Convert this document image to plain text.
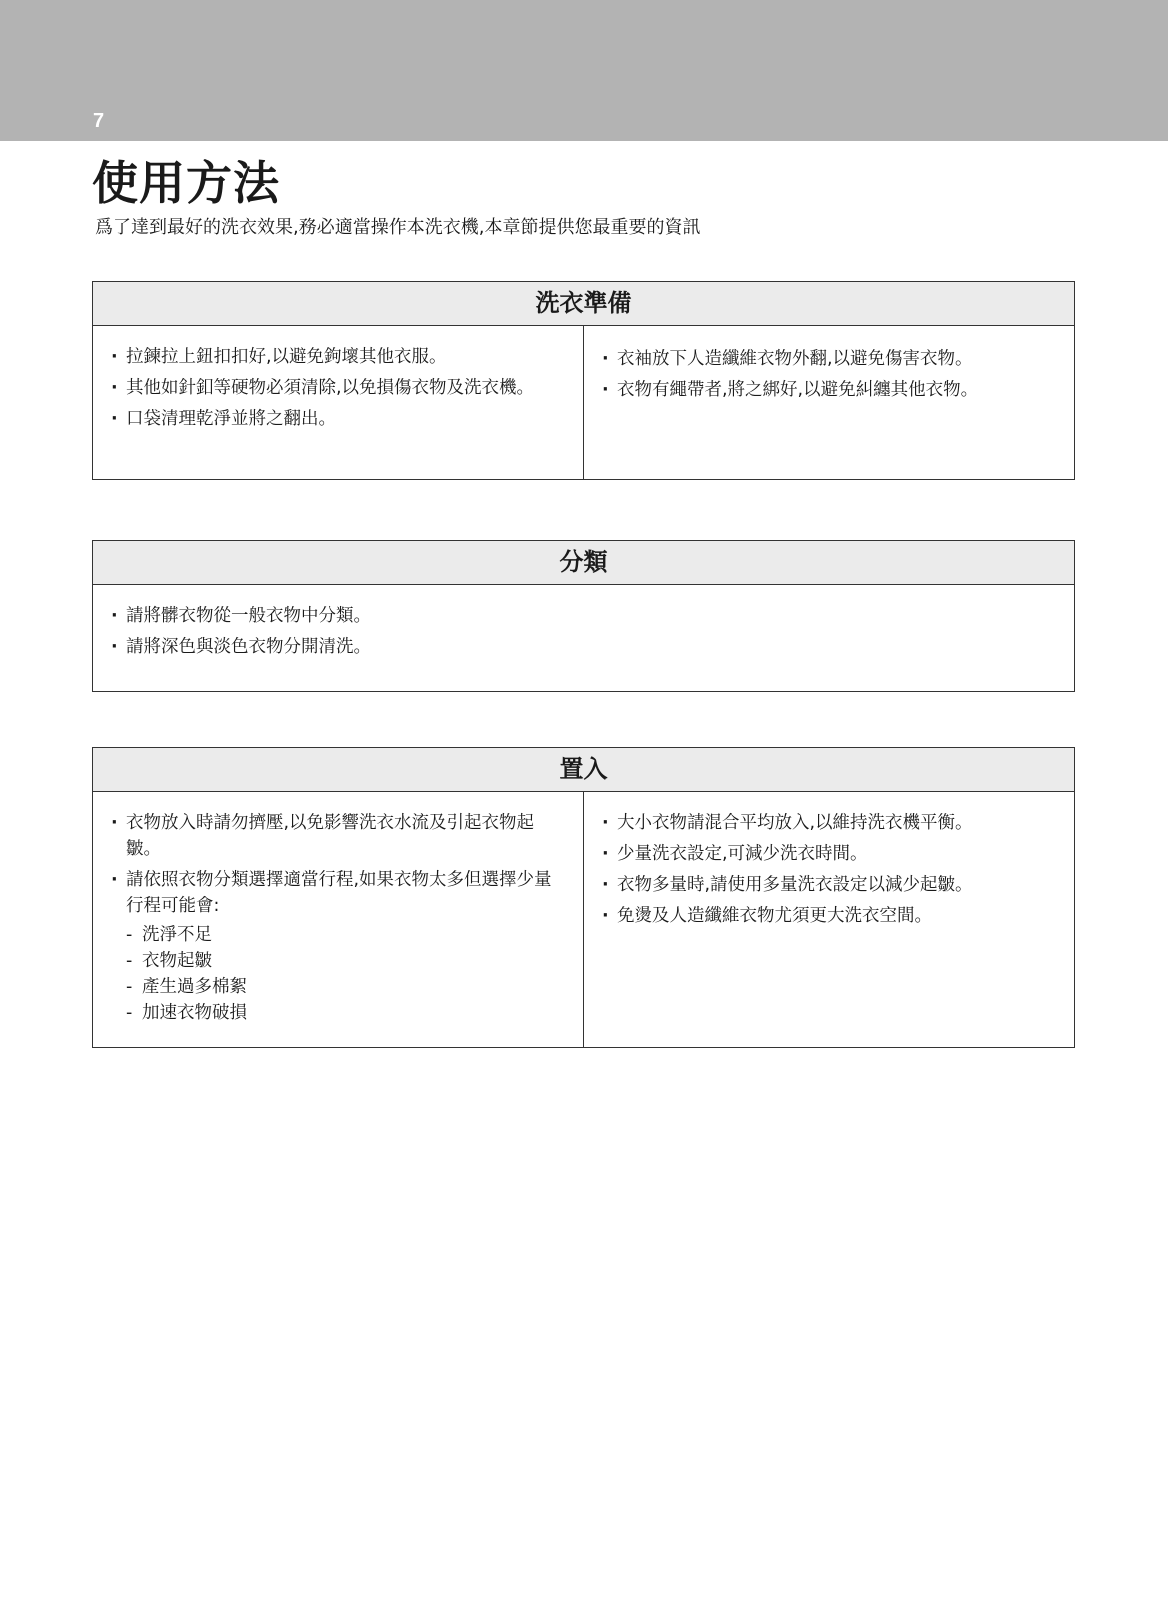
7
使用方法

爲了達到最好的洗衣效果,務必適當操作本洗衣機,本章節提供您最重要的資訊

洗衣準備
· 拉鍊拉上鈕扣扣好,以避免鉤壞其他衣服。
· 其他如針釦等硬物必須清除,以免損傷衣物及洗衣機。
· 口袋清理乾淨並將之翻出。
· 衣袖放下人造纖維衣物外翻,以避免傷害衣物。
· 衣物有繩帶者,將之綁好,以避免糾纏其他衣物。
分類
· 請將髒衣物從一般衣物中分類。
· 請將深色與淡色衣物分開清洗。
置入
· 衣物放入時請勿擠壓,以免影響洗衣水流及引起衣物起皺。
· 請依照衣物分類選擇適當行程,如果衣物太多但選擇少量行程可能會:
- 洗淨不足
- 衣物起皺
- 產生過多棉絮
- 加速衣物破損
· 大小衣物請混合平均放入,以維持洗衣機平衡。
· 少量洗衣設定,可減少洗衣時間。
· 衣物多量時,請使用多量洗衣設定以減少起皺。
· 免燙及人造纖維衣物尤須更大洗衣空間。
